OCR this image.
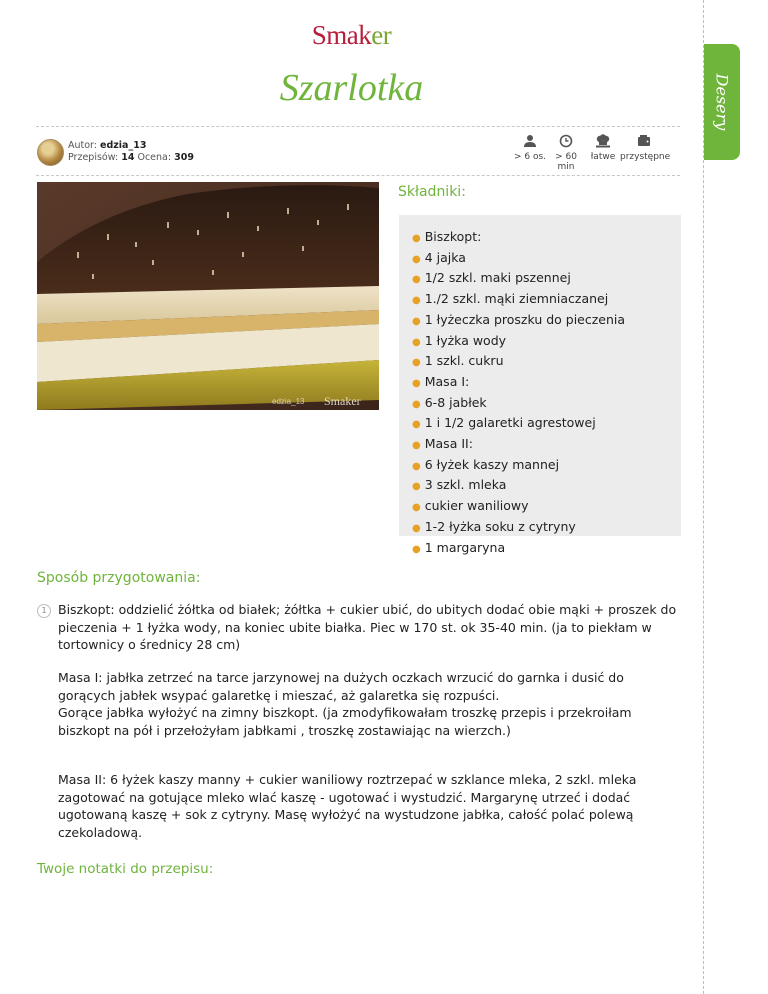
Desery
Smaker
Szarlotka
Autor: edzia_13
Przepisów: 14 Ocena: 309	> 6 os.	> 60 min
łatwe przystępne
edzia_13 Smaker
Składniki:
● Biszkopt:
● 4 jajka
● 1/2 szkl. maki pszennej
● 1./2 szkl. mąki ziemniaczanej
● 1 łyżeczka proszku do pieczenia
● 1 łyżka wody
● 1 szkl. cukru
● Masa I:
● 6-8 jabłek
● 1 i 1/2 galaretki agrestowej
● Masa II:
● 6 łyżek kaszy mannej
● 3 szkl. mleka
● cukier waniliowy
● 1-2 łyżka soku z cytryny
● 1 margaryna
Sposób przygotowania:
1 Biszkopt: oddzielić żółtka od białek; żółtka + cukier ubić, do ubitych dodać obie mąki + proszek do pieczenia + 1 łyżka wody, na koniec ubite białka. Piec w 170 st. ok 35-40 min. (ja to piekłam w tortownicy o średnicy 28 cm)

Masa I: jabłka zetrzeć na tarce jarzynowej na dużych oczkach wrzucić do garnka i dusić do gorących jabłek wsypać galaretkę i mieszać, aż galaretka się rozpuści.

Gorące jabłka wyłożyć na zimny biszkopt. (ja zmodyfikowałam troszkę przepis i przekroiłam biszkopt na pół i przełożyłam jabłkami , troszkę zostawiając na wierzch.)

Masa II: 6 łyżek kaszy manny + cukier waniliowy roztrzepać w szklance mleka, 2 szkl. mleka zagotować na gotujące mleko wlać kaszę - ugotować i wystudzić. Margarynę utrzeć i dodać ugotowaną kaszę + sok z cytryny. Masę wyłożyć na wystudzone jabłka, całość polać polewą czekoladową.

Twoje notatki do przepisu:
